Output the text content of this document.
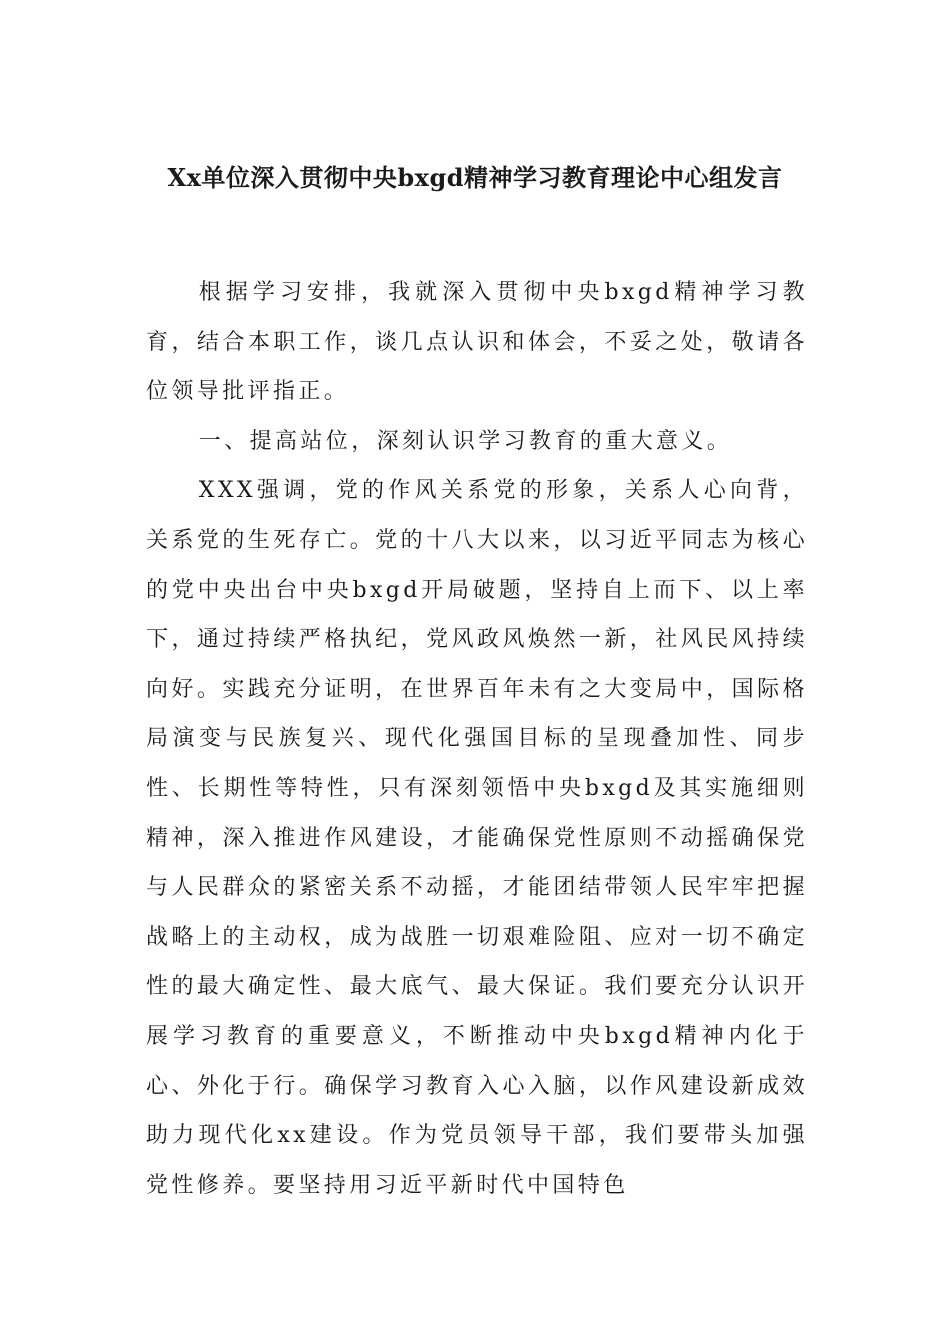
Xx单位深入贯彻中央bxgd精神学习教育理论中心组发言

根据学习安排，我就深入贯彻中央bxgd精神学习教育，结合本职工作，谈几点认识和体会，不妥之处，敬请各位领导批评指正。

一、提高站位，深刻认识学习教育的重大意义。

XXX强调，党的作风关系党的形象，关系人心向背，关系党的生死存亡。党的十八大以来，以习近平同志为核心的党中央出台中央bxgd开局破题，坚持自上而下、以上率下，通过持续严格执纪，党风政风焕然一新，社风民风持续向好。实践充分证明，在世界百年未有之大变局中，国际格局演变与民族复兴、现代化强国目标的呈现叠加性、同步性、长期性等特性，只有深刻领悟中央bxgd及其实施细则精神，深入推进作风建设，才能确保党性原则不动摇确保党与人民群众的紧密关系不动摇，才能团结带领人民牢牢把握战略上的主动权，成为战胜一切艰难险阻、应对一切不确定性的最大确定性、最大底气、最大保证。我们要充分认识开展学习教育的重要意义，不断推动中央bxgd精神内化于心、外化于行。确保学习教育入心入脑，以作风建设新成效助力现代化xx建设。作为党员领导干部，我们要带头加强党性修养。要坚持用习近平新时代中国特色
